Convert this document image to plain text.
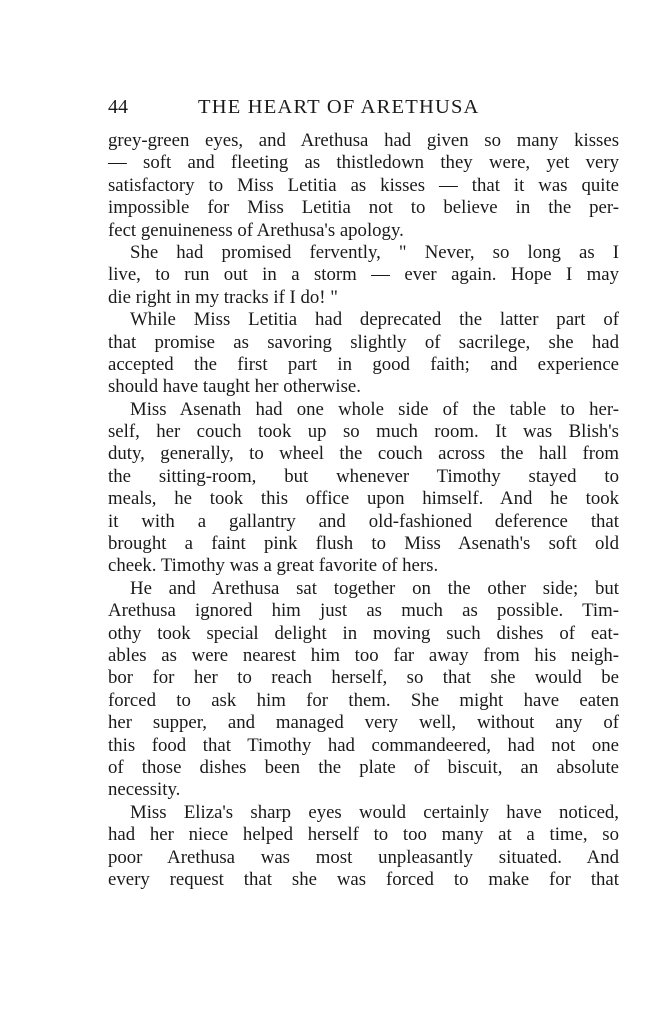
44	THE HEART OF ARETHUSA
grey-green eyes, and Arethusa had given so many kisses
— soft and fleeting as thistledown they were, yet very
satisfactory to Miss Letitia as kisses — that it was quite
impossible for Miss Letitia not to believe in the per-
fect genuineness of Arethusa's apology.
She had promised fervently, " Never, so long as I
live, to run out in a storm — ever again. Hope I may
die right in my tracks if I do! "
While Miss Letitia had deprecated the latter part of
that promise as savoring slightly of sacrilege, she had
accepted the first part in good faith; and experience
should have taught her otherwise.
Miss Asenath had one whole side of the table to her-
self, her couch took up so much room. It was Blish's
duty, generally, to wheel the couch across the hall from
the sitting-room, but whenever Timothy stayed to
meals, he took this office upon himself. And he took
it with a gallantry and old-fashioned deference that
brought a faint pink flush to Miss Asenath's soft old
cheek. Timothy was a great favorite of hers.
He and Arethusa sat together on the other side; but
Arethusa ignored him just as much as possible. Tim-
othy took special delight in moving such dishes of eat-
ables as were nearest him too far away from his neigh-
bor for her to reach herself, so that she would be
forced to ask him for them. She might have eaten
her supper, and managed very well, without any of
this food that Timothy had commandeered, had not one
of those dishes been the plate of biscuit, an absolute
necessity.
Miss Eliza's sharp eyes would certainly have noticed,
had her niece helped herself to too many at a time, so
poor Arethusa was most unpleasantly situated. And
every request that she was forced to make for that
